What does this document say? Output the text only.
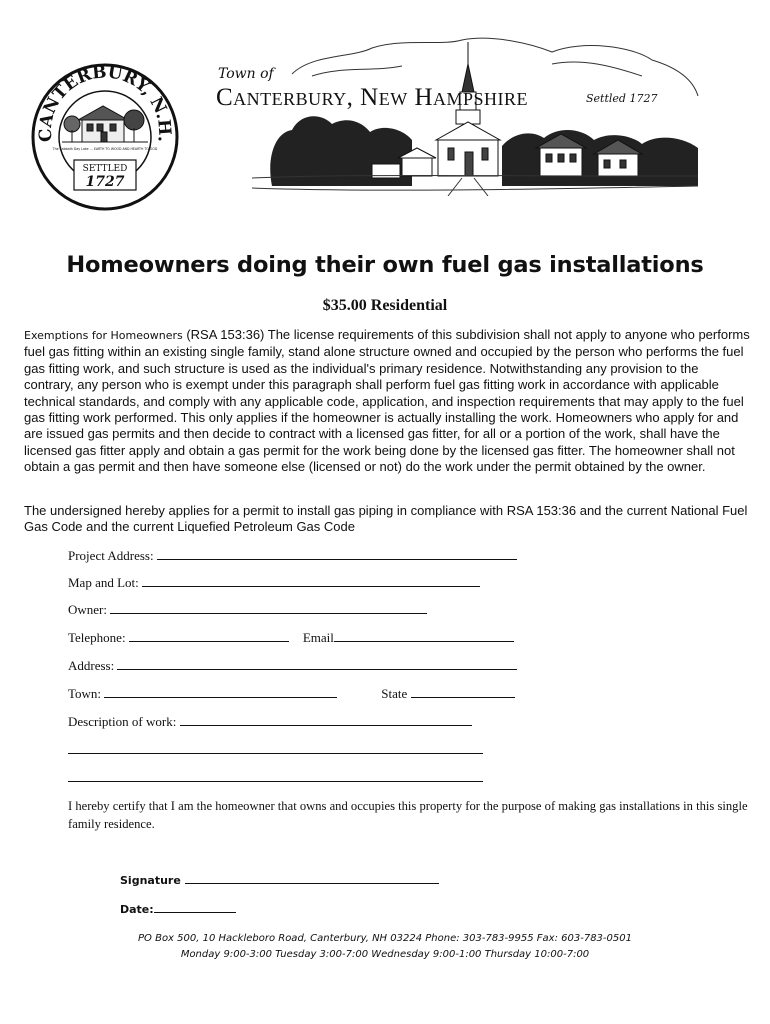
CANTERBURY, N.H.
The Sabbath Day Lake … EARTH TO WOOD AND HEARTH TO GOD
SETTLED
1727
Town of
Canterbury, New Hampshire	Settled 1727
Homeowners doing their own fuel gas installations
$35.00 Residential
Exemptions for Homeowners (RSA 153:36) The license requirements of this subdivision shall not apply to anyone who performs fuel gas fitting within an existing single family, stand alone structure owned and occupied by the person who performs the fuel gas fitting work, and such structure is used as the individual's primary residence. Notwithstanding any provision to the contrary, any person who is exempt under this paragraph shall perform fuel gas fitting work in accordance with applicable technical standards, and comply with any applicable code, application, and inspection requirements that may apply to the fuel gas fitting work performed. This only applies if the homeowner is actually installing the work. Homeowners who apply for and are issued gas permits and then decide to contract with a licensed gas fitter, for all or a portion of the work, shall have the licensed gas fitter apply and obtain a gas permit for the work being done by the licensed gas fitter. The homeowner shall not obtain a gas permit and then have someone else (licensed or not) do the work under the permit obtained by the owner.
The undersigned hereby applies for a permit to install gas piping in compliance with RSA 153:36 and the current National Fuel Gas Code and the current Liquefied Petroleum Gas Code
Project Address:
Map and Lot:
Owner:
Telephone:	Email
Address:
Town:	State
Description of work:
I hereby certify that I am the homeowner that owns and occupies this property for the purpose of making gas installations in this single family residence.
Signature
Date:
PO Box 500, 10 Hackleboro Road, Canterbury, NH 03224 Phone: 303-783-9955 Fax: 603-783-0501
Monday 9:00-3:00 Tuesday 3:00-7:00 Wednesday 9:00-1:00 Thursday 10:00-7:00
